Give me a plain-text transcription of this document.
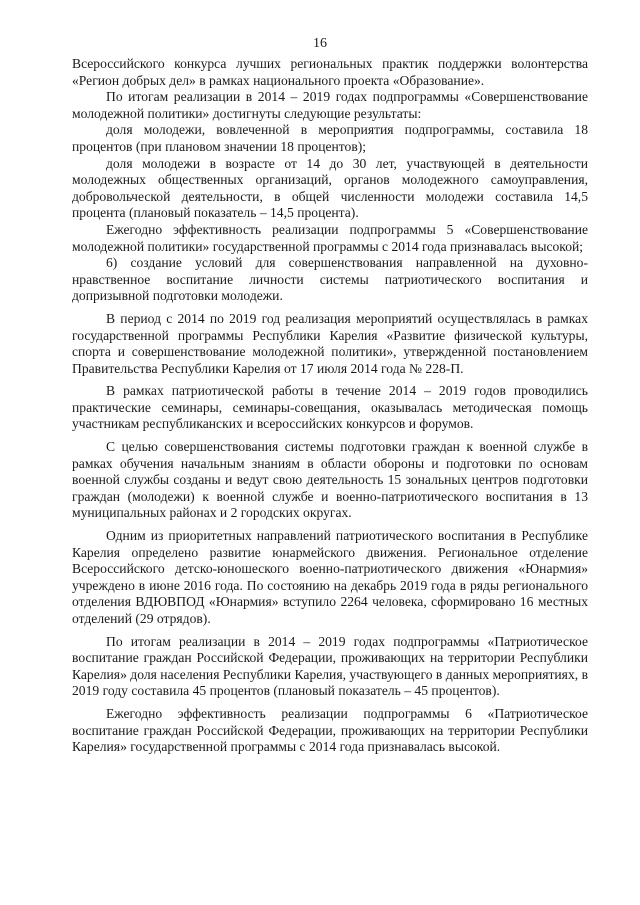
16

Всероссийского конкурса лучших региональных практик поддержки волонтерства «Регион добрых дел» в рамках национального проекта «Образование».

По итогам реализации в 2014 – 2019 годах подпрограммы «Совершенствование молодежной политики» достигнуты следующие результаты:

доля молодежи, вовлеченной в мероприятия подпрограммы, составила 18 процентов (при плановом значении 18 процентов);

доля молодежи в возрасте от 14 до 30 лет, участвующей в деятельности молодежных общественных организаций, органов молодежного самоуправления, добровольческой деятельности, в общей численности молодежи составила 14,5 процента (плановый показатель – 14,5 процента).

Ежегодно эффективность реализации подпрограммы 5 «Совершенствование молодежной политики» государственной программы с 2014 года признавалась высокой;

6) создание условий для совершенствования направленной на духовно-нравственное воспитание личности системы патриотического воспитания и допризывной подготовки молодежи.

В период с 2014 по 2019 год реализация мероприятий осуществлялась в рамках государственной программы Республики Карелия «Развитие физической культуры, спорта и совершенствование молодежной политики», утвержденной постановлением Правительства Республики Карелия от 17 июля 2014 года № 228-П.

В рамках патриотической работы в течение 2014 – 2019 годов проводились практические семинары, семинары-совещания, оказывалась методическая помощь участникам республиканских и всероссийских конкурсов и форумов.

С целью совершенствования системы подготовки граждан к военной службе в рамках обучения начальным знаниям в области обороны и подготовки по основам военной службы созданы и ведут свою деятельность 15 зональных центров подготовки граждан (молодежи) к военной службе и военно-патриотического воспитания в 13 муниципальных районах и 2 городских округах.

Одним из приоритетных направлений патриотического воспитания в Республике Карелия определено развитие юнармейского движения. Региональное отделение Всероссийского детско-юношеского военно-патриотического движения «Юнармия» учреждено в июне 2016 года. По состоянию на декабрь 2019 года в ряды регионального отделения ВДЮВПОД «Юнармия» вступило 2264 человека, сформировано 16 местных отделений (29 отрядов).

По итогам реализации в 2014 – 2019 годах подпрограммы «Патриотическое воспитание граждан Российской Федерации, проживающих на территории Республики Карелия» доля населения Республики Карелия, участвующего в данных мероприятиях, в 2019 году составила 45 процентов (плановый показатель – 45 процентов).

Ежегодно эффективность реализации подпрограммы 6 «Патриотическое воспитание граждан Российской Федерации, проживающих на территории Республики Карелия» государственной программы с 2014 года признавалась высокой.
